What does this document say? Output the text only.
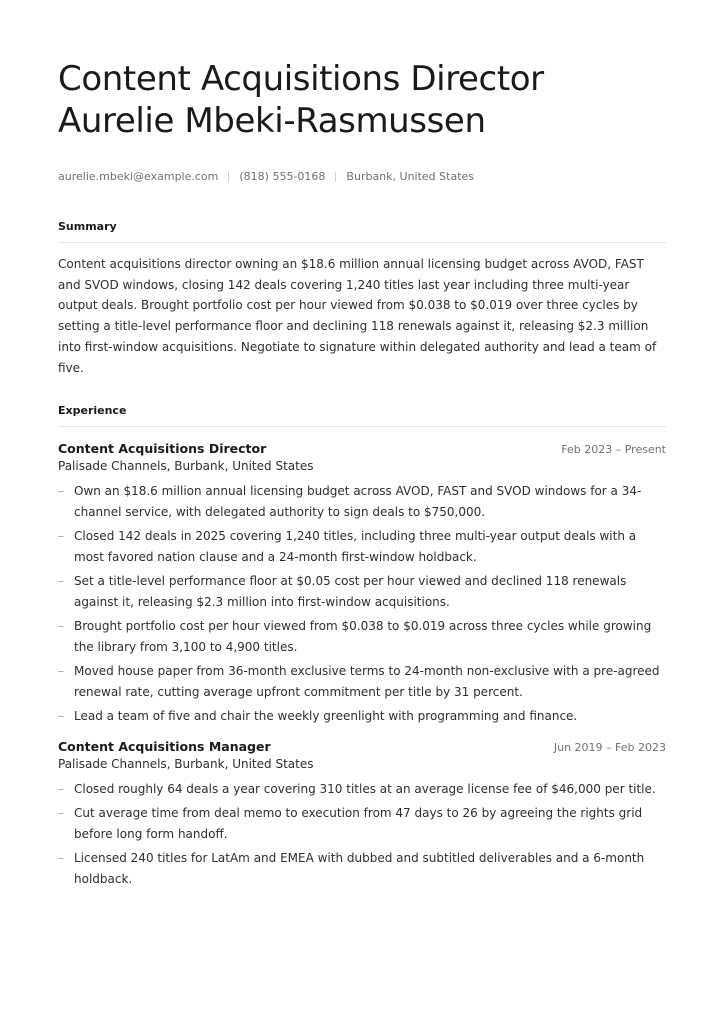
Content Acquisitions Director
Aurelie Mbeki-Rasmussen
aurelie.mbeki@example.com (818) 555-0168 Burbank, United States
Summary

Content acquisitions director owning an $18.6 million annual licensing budget across AVOD, FAST and SVOD windows, closing 142 deals covering 1,240 titles last year including three multi-year output deals. Brought portfolio cost per hour viewed from $0.038 to $0.019 over three cycles by setting a title-level performance floor and declining 118 renewals against it, releasing $2.3 million into first-window acquisitions. Negotiate to signature within delegated authority and lead a team of five.

Experience
Content Acquisitions Director	Feb 2023 – Present
Palisade Channels, Burbank, United States
– Own an $18.6 million annual licensing budget across AVOD, FAST and SVOD windows for a 34-channel service, with delegated authority to sign deals to $750,000.
– Closed 142 deals in 2025 covering 1,240 titles, including three multi-year output deals with a most favored nation clause and a 24-month first-window holdback.
– Set a title-level performance floor at $0.05 cost per hour viewed and declined 118 renewals against it, releasing $2.3 million into first-window acquisitions.
– Brought portfolio cost per hour viewed from $0.038 to $0.019 across three cycles while growing the library from 3,100 to 4,900 titles.
– Moved house paper from 36-month exclusive terms to 24-month non-exclusive with a pre-agreed renewal rate, cutting average upfront commitment per title by 31 percent.
– Lead a team of five and chair the weekly greenlight with programming and finance.
Content Acquisitions Manager	Jun 2019 – Feb 2023
Palisade Channels, Burbank, United States
– Closed roughly 64 deals a year covering 310 titles at an average license fee of $46,000 per title.
– Cut average time from deal memo to execution from 47 days to 26 by agreeing the rights grid before long form handoff.
– Licensed 240 titles for LatAm and EMEA with dubbed and subtitled deliverables and a 6-month holdback.
